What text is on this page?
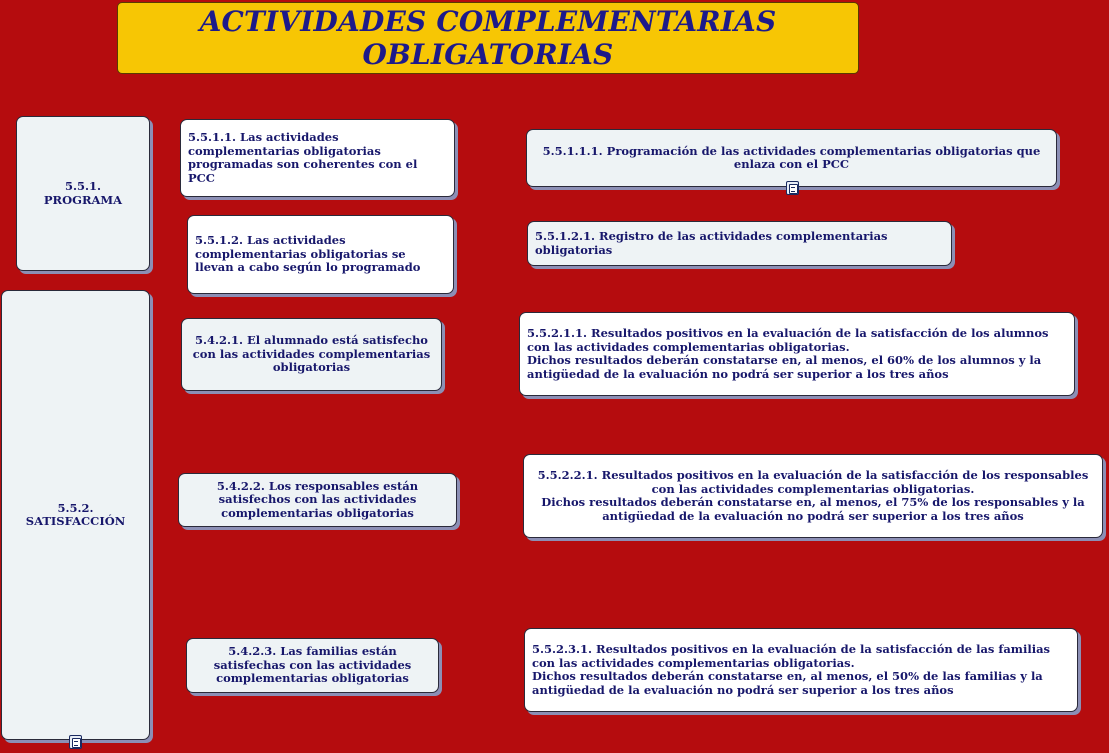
ACTIVIDADES COMPLEMENTARIAS
OBLIGATORIAS
5.5.1. PROGRAMA
5.5.2. SATISFACCIÓN
5.5.1.1. Las actividades complementarias obligatorias programadas son coherentes con el PCC
5.5.1.2. Las actividades complementarias obligatorias se llevan a cabo según lo programado
5.4.2.1. El alumnado está satisfecho con las actividades complementarias obligatorias
5.4.2.2. Los responsables están satisfechos con las actividades complementarias obligatorias
5.4.2.3. Las familias están satisfechas con las actividades complementarias obligatorias
5.5.1.1.1. Programación de las actividades complementarias obligatorias que enlaza con el PCC
5.5.1.2.1. Registro de las actividades complementarias obligatorias
5.5.2.1.1. Resultados positivos en la evaluación de la satisfacción de los alumnos con las actividades complementarias obligatorias.
Dichos resultados deberán constatarse en, al menos, el 60% de los alumnos y la antigüedad de la evaluación no podrá ser superior a los tres años
5.5.2.2.1. Resultados positivos en la evaluación de la satisfacción de los responsables con las actividades complementarias obligatorias.
Dichos resultados deberán constatarse en, al menos, el 75% de los responsables y la antigüedad de la evaluación no podrá ser superior a los tres años
5.5.2.3.1. Resultados positivos en la evaluación de la satisfacción de las familias con las actividades complementarias obligatorias.
Dichos resultados deberán constatarse en, al menos, el 50% de las familias y la antigüedad de la evaluación no podrá ser superior a los tres años
